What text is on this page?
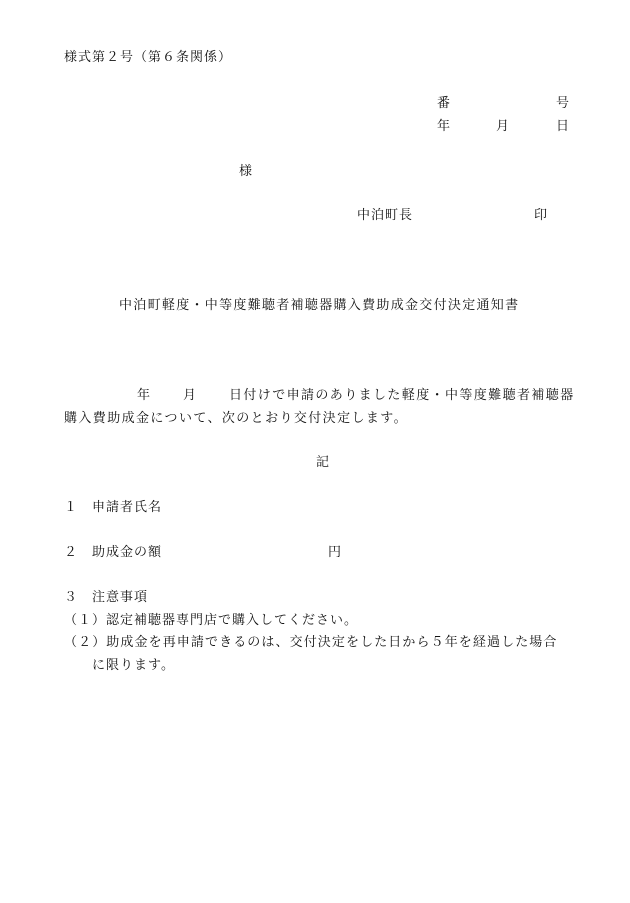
様式第２号（第６条関係）
番	号
年	月	日
様
中泊町長	印
中泊町軽度・中等度難聴者補聴器購入費助成金交付決定通知書
年 月 日付けで申請のありました軽度・中等度難聴者補聴器
購入費助成金について、次のとおり交付決定します。
記
１　申請者氏名
２　助成金の額	円
３　注意事項
（１）認定補聴器専門店で購入してください。
（２）助成金を再申請できるのは、交付決定をした日から５年を経過した場合
に限ります。
